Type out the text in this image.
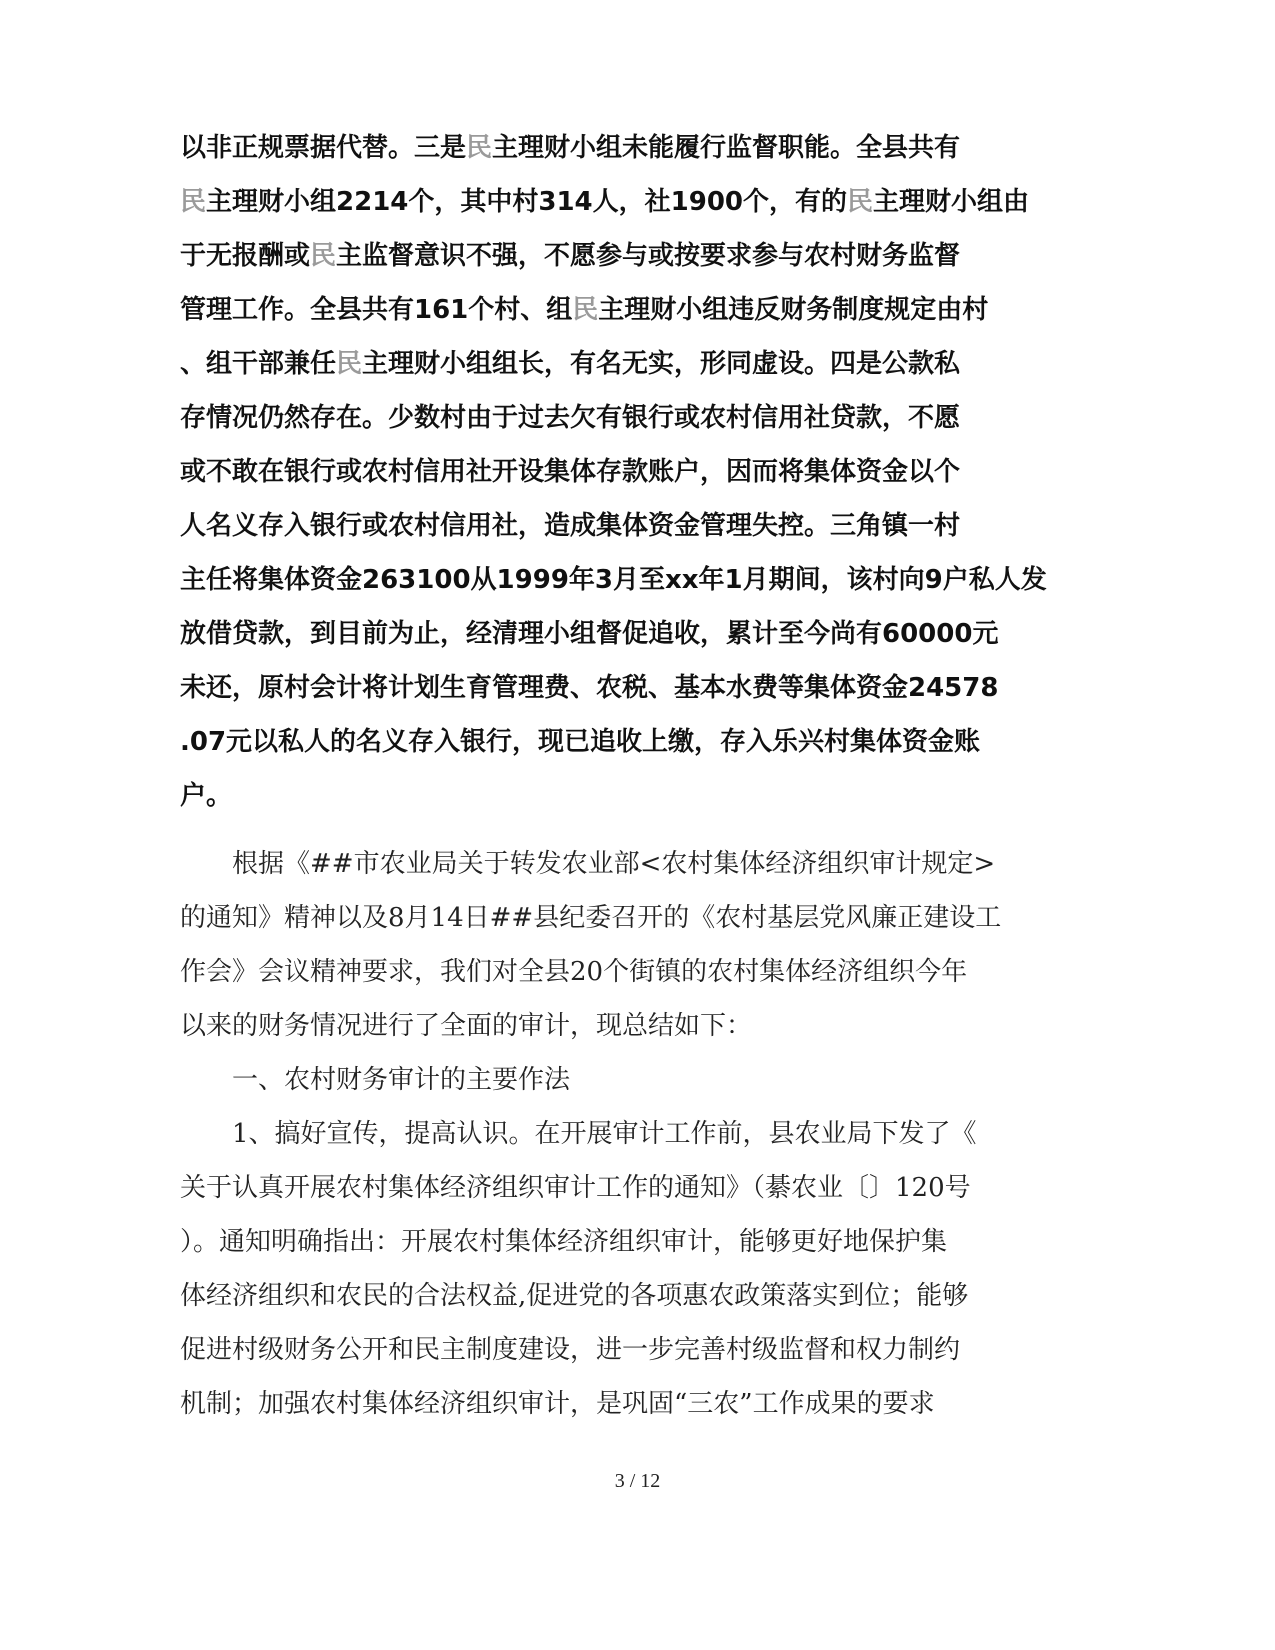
以非正规票据代替。三是民主理财小组未能履行监督职能。全县共有
民主理财小组2214个，其中村314人，社1900个，有的民主理财小组由
于无报酬或民主监督意识不强，不愿参与或按要求参与农村财务监督
管理工作。全县共有161个村、组民主理财小组违反财务制度规定由村
、组干部兼任民主理财小组组长，有名无实，形同虚设。四是公款私
存情况仍然存在。少数村由于过去欠有银行或农村信用社贷款，不愿
或不敢在银行或农村信用社开设集体存款账户，因而将集体资金以个
人名义存入银行或农村信用社，造成集体资金管理失控。三角镇一村
主任将集体资金263100从1999年3月至xx年1月期间，该村向9户私人发
放借贷款，到目前为止，经清理小组督促追收，累计至今尚有60000元
未还，原村会计将计划生育管理费、农税、基本水费等集体资金24578
.07元以私人的名义存入银行，现已追收上缴，存入乐兴村集体资金账
户。
根据《##市农业局关于转发农业部<农村集体经济组织审计规定>
的通知》精神以及8月14日##县纪委召开的《农村基层党风廉正建设工
作会》会议精神要求，我们对全县20个街镇的农村集体经济组织今年
以来的财务情况进行了全面的审计，现总结如下：
一、农村财务审计的主要作法
1、搞好宣传，提高认识。在开展审计工作前，县农业局下发了《
关于认真开展农村集体经济组织审计工作的通知》（綦农业〔〕120号
）。通知明确指出：开展农村集体经济组织审计，能够更好地保护集
体经济组织和农民的合法权益,促进党的各项惠农政策落实到位；能够
促进村级财务公开和民主制度建设，进一步完善村级监督和权力制约
机制；加强农村集体经济组织审计，是巩固“三农”工作成果的要求
3 / 12
